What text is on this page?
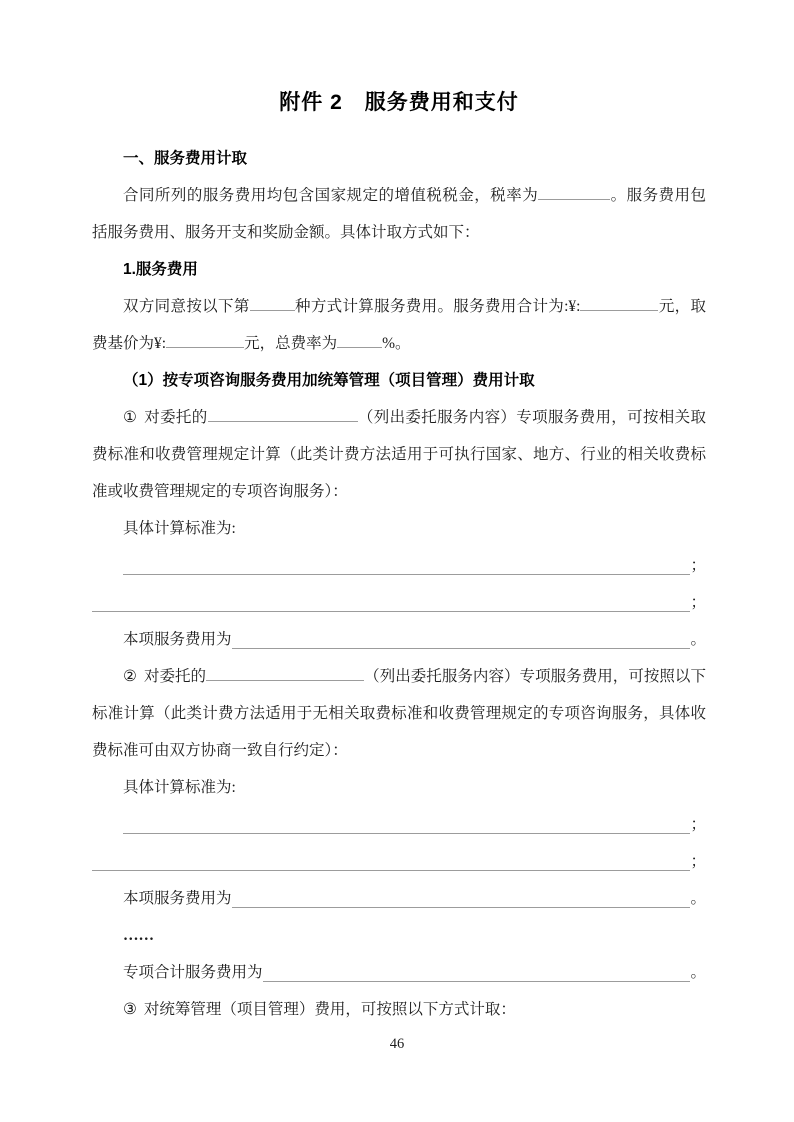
附件 2　服务费用和支付

一、服务费用计取

合同所列的服务费用均包含国家规定的增值税税金，税率为	。服务费用包括服务费用、服务开支和奖励金额。具体计取方式如下：

1.服务费用

双方同意按以下第	种方式计算服务费用。服务费用合计为:¥:	元，取费基价为¥:	元，总费率为	%。

（1）按专项咨询服务费用加统筹管理（项目管理）费用计取

① 对委托的	（列出委托服务内容）专项服务费用，可按相关取费标准和收费管理规定计算（此类计费方法适用于可执行国家、地方、行业的相关收费标准或收费管理规定的专项咨询服务）：

具体计算标准为:

；
；
本项服务费用为	。

② 对委托的	（列出委托服务内容）专项服务费用，可按照以下标准计算（此类计费方法适用于无相关取费标准和收费管理规定的专项咨询服务，具体收费标准可由双方协商一致自行约定）：

具体计算标准为:

；
；
本项服务费用为	。

……

专项合计服务费用为	。

③ 对统筹管理（项目管理）费用，可按照以下方式计取：

46
